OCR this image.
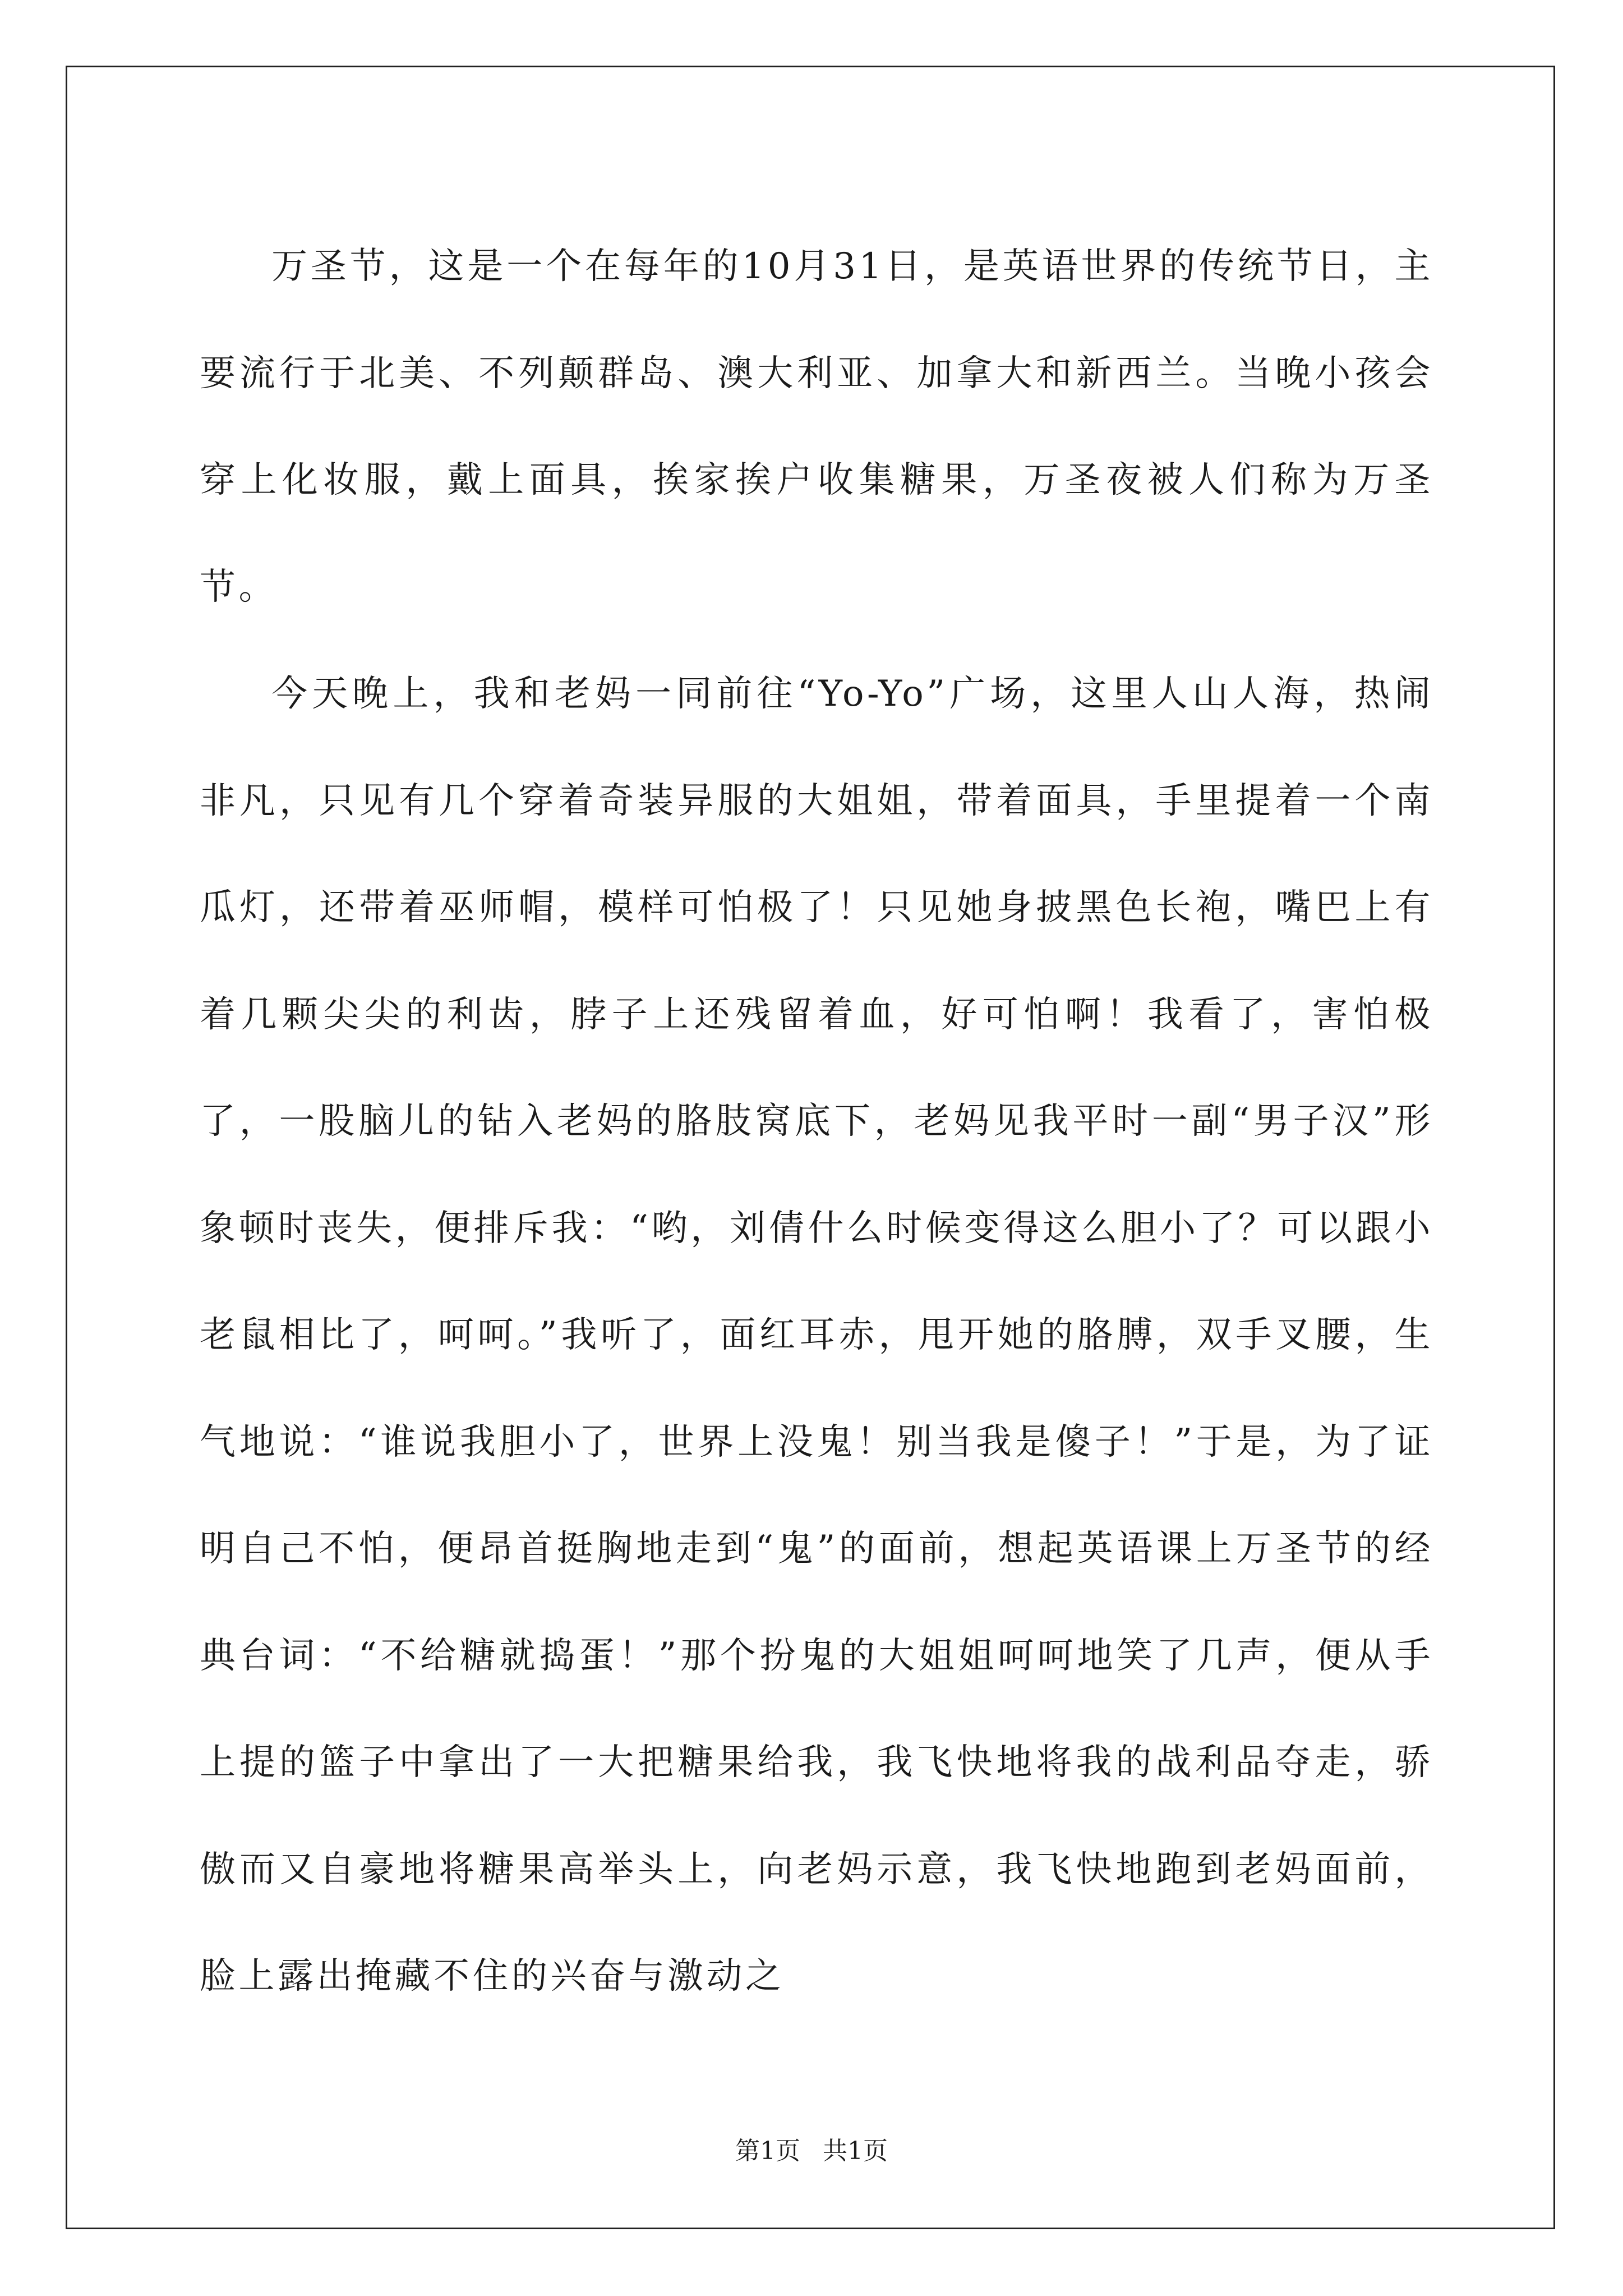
万圣节，这是一个在每年的10月31日，是英语世界的传统节日，主要流行于北美、不列颠群岛、澳大利亚、加拿大和新西兰。当晚小孩会穿上化妆服，戴上面具，挨家挨户收集糖果，万圣夜被人们称为万圣节。

今天晚上，我和老妈一同前往“Yo-Yo”广场，这里人山人海，热闹非凡，只见有几个穿着奇装异服的大姐姐，带着面具，手里提着一个南瓜灯，还带着巫师帽，模样可怕极了！只见她身披黑色长袍，嘴巴上有着几颗尖尖的利齿，脖子上还残留着血，好可怕啊！我看了，害怕极了，一股脑儿的钻入老妈的胳肢窝底下，老妈见我平时一副“男子汉”形象顿时丧失，便排斥我：“哟，刘倩什么时候变得这么胆小了？可以跟小老鼠相比了，呵呵。”我听了，面红耳赤，甩开她的胳膊，双手叉腰，生气地说：“谁说我胆小了，世界上没鬼！别当我是傻子！”于是，为了证明自己不怕，便昂首挺胸地走到“鬼”的面前，想起英语课上万圣节的经典台词：“不给糖就捣蛋！”那个扮鬼的大姐姐呵呵地笑了几声，便从手上提的篮子中拿出了一大把糖果给我，我飞快地将我的战利品夺走，骄傲而又自豪地将糖果高举头上，向老妈示意，我飞快地跑到老妈面前，脸上露出掩藏不住的兴奋与激动之

第1页 共1页
